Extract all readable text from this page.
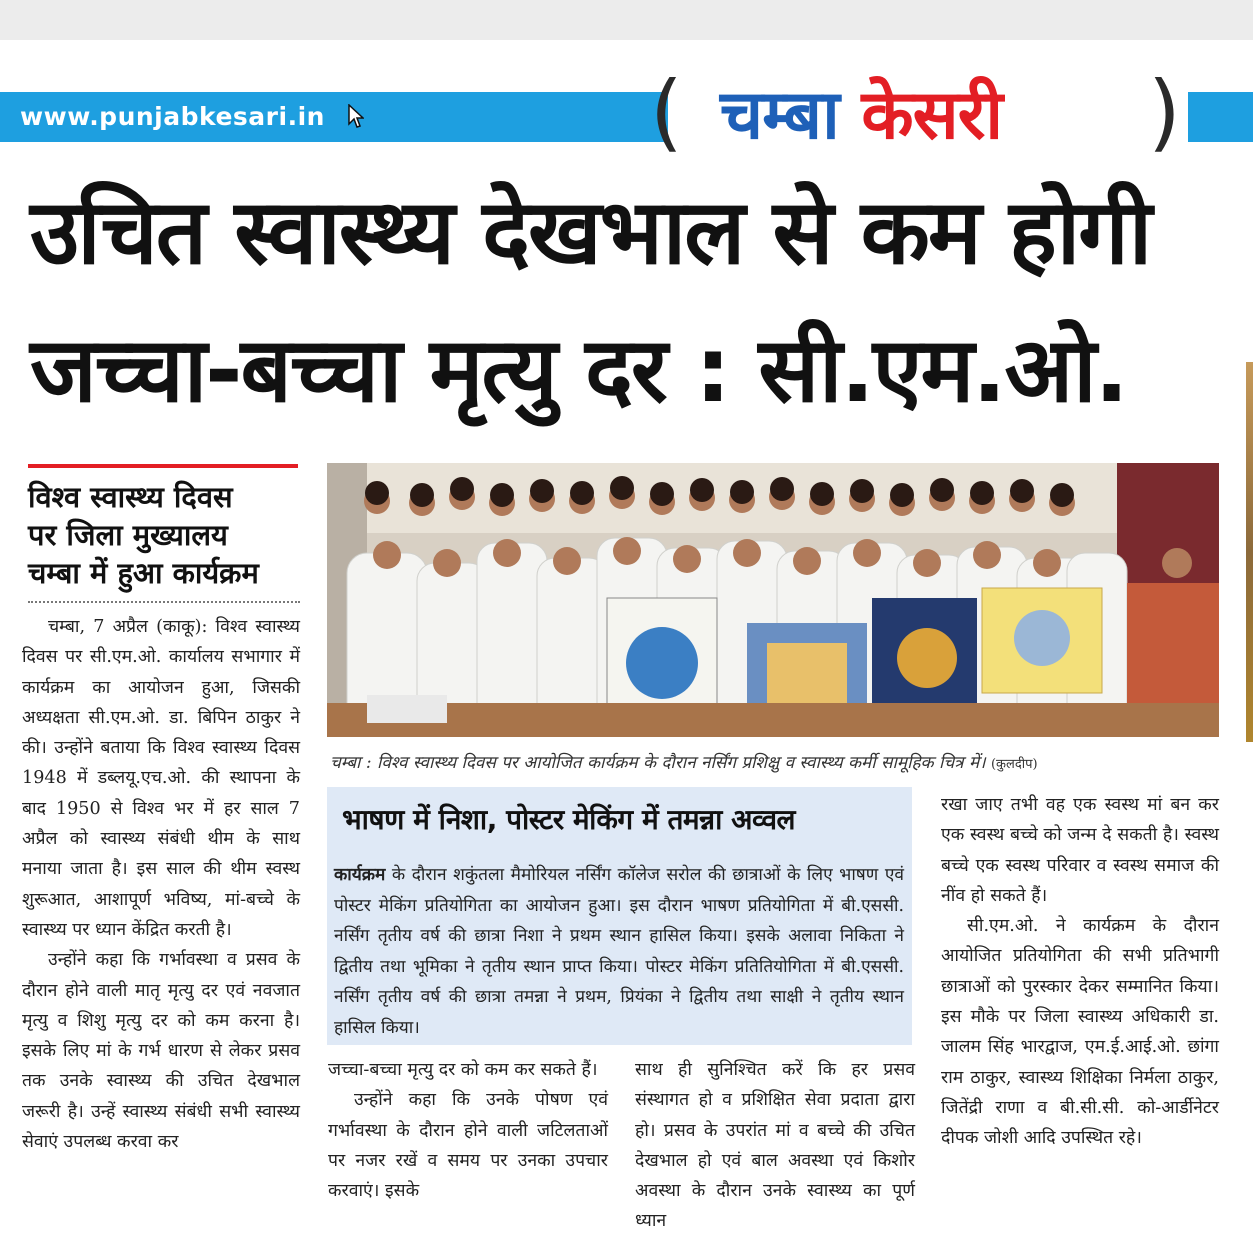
www.punjabkesari.in	(	)
चम्बा केसरी
उचित स्वास्थ्य देखभाल से कम होगी
जच्चा-बच्चा मृत्यु दर : सी.एम.ओ.
विश्व स्वास्थ्य दिवस
पर जिला मुख्यालय
चम्बा में हुआ कार्यक्रम

चम्बा, 7 अप्रैल (काकू): विश्व स्वास्थ्य दिवस पर सी.एम.ओ. कार्यालय सभागार में कार्यक्रम का आयोजन हुआ, जिसकी अध्यक्षता सी.एम.ओ. डा. बिपिन ठाकुर ने की। उन्होंने बताया कि विश्व स्वास्थ्य दिवस 1948 में डब्लयू.एच.ओ. की स्थापना के बाद 1950 से विश्व भर में हर साल 7 अप्रैल को स्वास्थ्य संबंधी थीम के साथ मनाया जाता है। इस साल की थीम स्वस्थ शुरूआत, आशापूर्ण भविष्य, मां-बच्चे के स्वास्थ्य पर ध्यान केंद्रित करती है।

उन्होंने कहा कि गर्भावस्था व प्रसव के दौरान होने वाली मातृ मृत्यु दर एवं नवजात मृत्यु व शिशु मृत्यु दर को कम करना है। इसके लिए मां के गर्भ धारण से लेकर प्रसव तक उनके स्वास्थ्य की उचित देखभाल जरूरी है। उन्हें स्वास्थ्य संबंधी सभी स्वास्थ्य सेवाएं उपलब्ध करवा कर

चम्बा : विश्व स्वास्थ्य दिवस पर आयोजित कार्यक्रम के दौरान नर्सिंग प्रशिक्षु व स्वास्थ्य कर्मी सामूहिक चित्र में। (कुलदीप)
भाषण में निशा, पोस्टर मेकिंग में तमन्ना अव्वल
कार्यक्रम के दौरान शकुंतला मैमोरियल नर्सिंग कॉलेज सरोल की छात्राओं के लिए भाषण एवं पोस्टर मेकिंग प्रतियोगिता का आयोजन हुआ। इस दौरान भाषण प्रतियोगिता में बी.एससी. नर्सिंग तृतीय वर्ष की छात्रा निशा ने प्रथम स्थान हासिल किया। इसके अलावा निकिता ने द्वितीय तथा भूमिका ने तृतीय स्थान प्राप्त किया। पोस्टर मेकिंग प्रतितियोगिता में बी.एससी. नर्सिंग तृतीय वर्ष की छात्रा तमन्ना ने प्रथम, प्रियंका ने द्वितीय तथा साक्षी ने तृतीय स्थान हासिल किया।

जच्चा-बच्चा मृत्यु दर को कम कर सकते हैं।

उन्होंने कहा कि उनके पोषण एवं गर्भावस्था के दौरान होने वाली जटिलताओं पर नजर रखें व समय पर उनका उपचार करवाएं। इसके

साथ ही सुनिश्चित करें कि हर प्रसव संस्थागत हो व प्रशिक्षित सेवा प्रदाता द्वारा हो। प्रसव के उपरांत मां व बच्चे की उचित देखभाल हो एवं बाल अवस्था एवं किशोर अवस्था के दौरान उनके स्वास्थ्य का पूर्ण ध्यान

रखा जाए तभी वह एक स्वस्थ मां बन कर एक स्वस्थ बच्चे को जन्म दे सकती है। स्वस्थ बच्चे एक स्वस्थ परिवार व स्वस्थ समाज की नींव हो सकते हैं।

सी.एम.ओ. ने कार्यक्रम के दौरान आयोजित प्रतियोगिता की सभी प्रतिभागी छात्राओं को पुरस्कार देकर सम्मानित किया। इस मौके पर जिला स्वास्थ्य अधिकारी डा. जालम सिंह भारद्वाज, एम.ई.आई.ओ. छांगा राम ठाकुर, स्वास्थ्य शिक्षिका निर्मला ठाकुर, जितेंद्री राणा व बी.सी.सी. को-आर्डीनेटर दीपक जोशी आदि उपस्थित रहे।
